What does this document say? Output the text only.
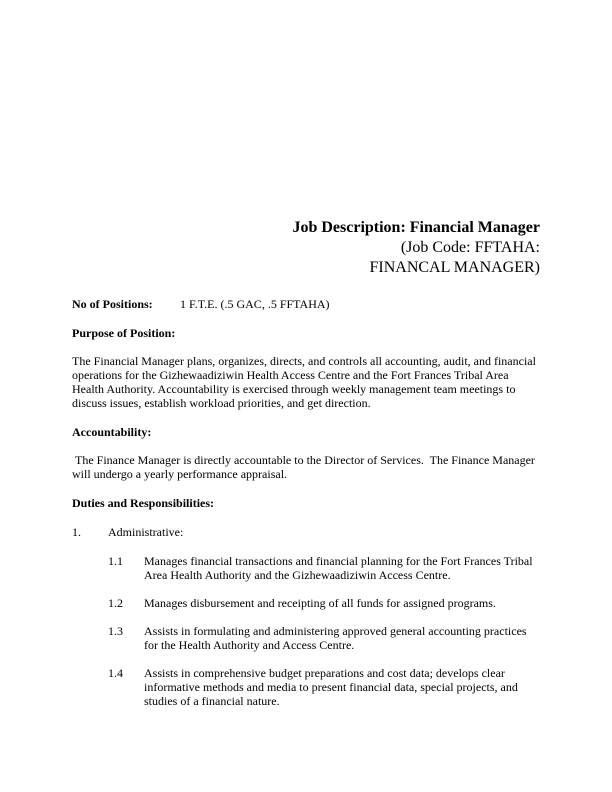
Job Description: Financial Manager
(Job Code: FFTAHA:
FINANCAL MANAGER)
No of Positions: 1 F.T.E. (.5 GAC, .5 FFTAHA)
Purpose of Position:
The Financial Manager plans, organizes, directs, and controls all accounting, audit, and financial operations for the Gizhewaadiziwin Health Access Centre and the Fort Frances Tribal Area Health Authority. Accountability is exercised through weekly management team meetings to discuss issues, establish workload priorities, and get direction.
Accountability:
The Finance Manager is directly accountable to the Director of Services.  The Finance Manager will undergo a yearly performance appraisal.
Duties and Responsibilities:
1. Administrative:
1.1 Manages financial transactions and financial planning for the Fort Frances Tribal Area Health Authority and the Gizhewaadiziwin Access Centre.
1.2 Manages disbursement and receipting of all funds for assigned programs.
1.3 Assists in formulating and administering approved general accounting practices for the Health Authority and Access Centre.
1.4 Assists in comprehensive budget preparations and cost data; develops clear informative methods and media to present financial data, special projects, and studies of a financial nature.
